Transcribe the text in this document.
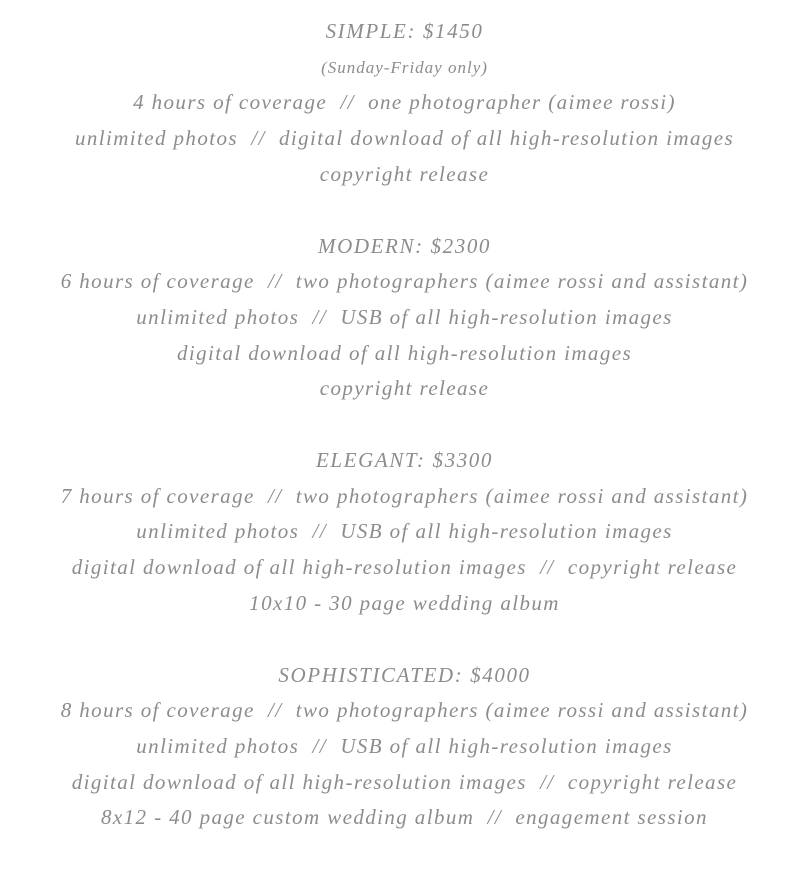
SIMPLE: $1450
(Sunday-Friday only)
4 hours of coverage  //  one photographer (aimee rossi)
unlimited photos  //  digital download of all high-resolution images
copyright release
MODERN: $2300
6 hours of coverage  //  two photographers (aimee rossi and assistant)
unlimited photos  //  USB of all high-resolution images
digital download of all high-resolution images
copyright release
ELEGANT: $3300
7 hours of coverage  //  two photographers (aimee rossi and assistant)
unlimited photos  //  USB of all high-resolution images
digital download of all high-resolution images  //  copyright release
10x10 - 30 page wedding album
SOPHISTICATED: $4000
8 hours of coverage  //  two photographers (aimee rossi and assistant)
unlimited photos  //  USB of all high-resolution images
digital download of all high-resolution images  //  copyright release
8x12 - 40 page custom wedding album  //  engagement session
